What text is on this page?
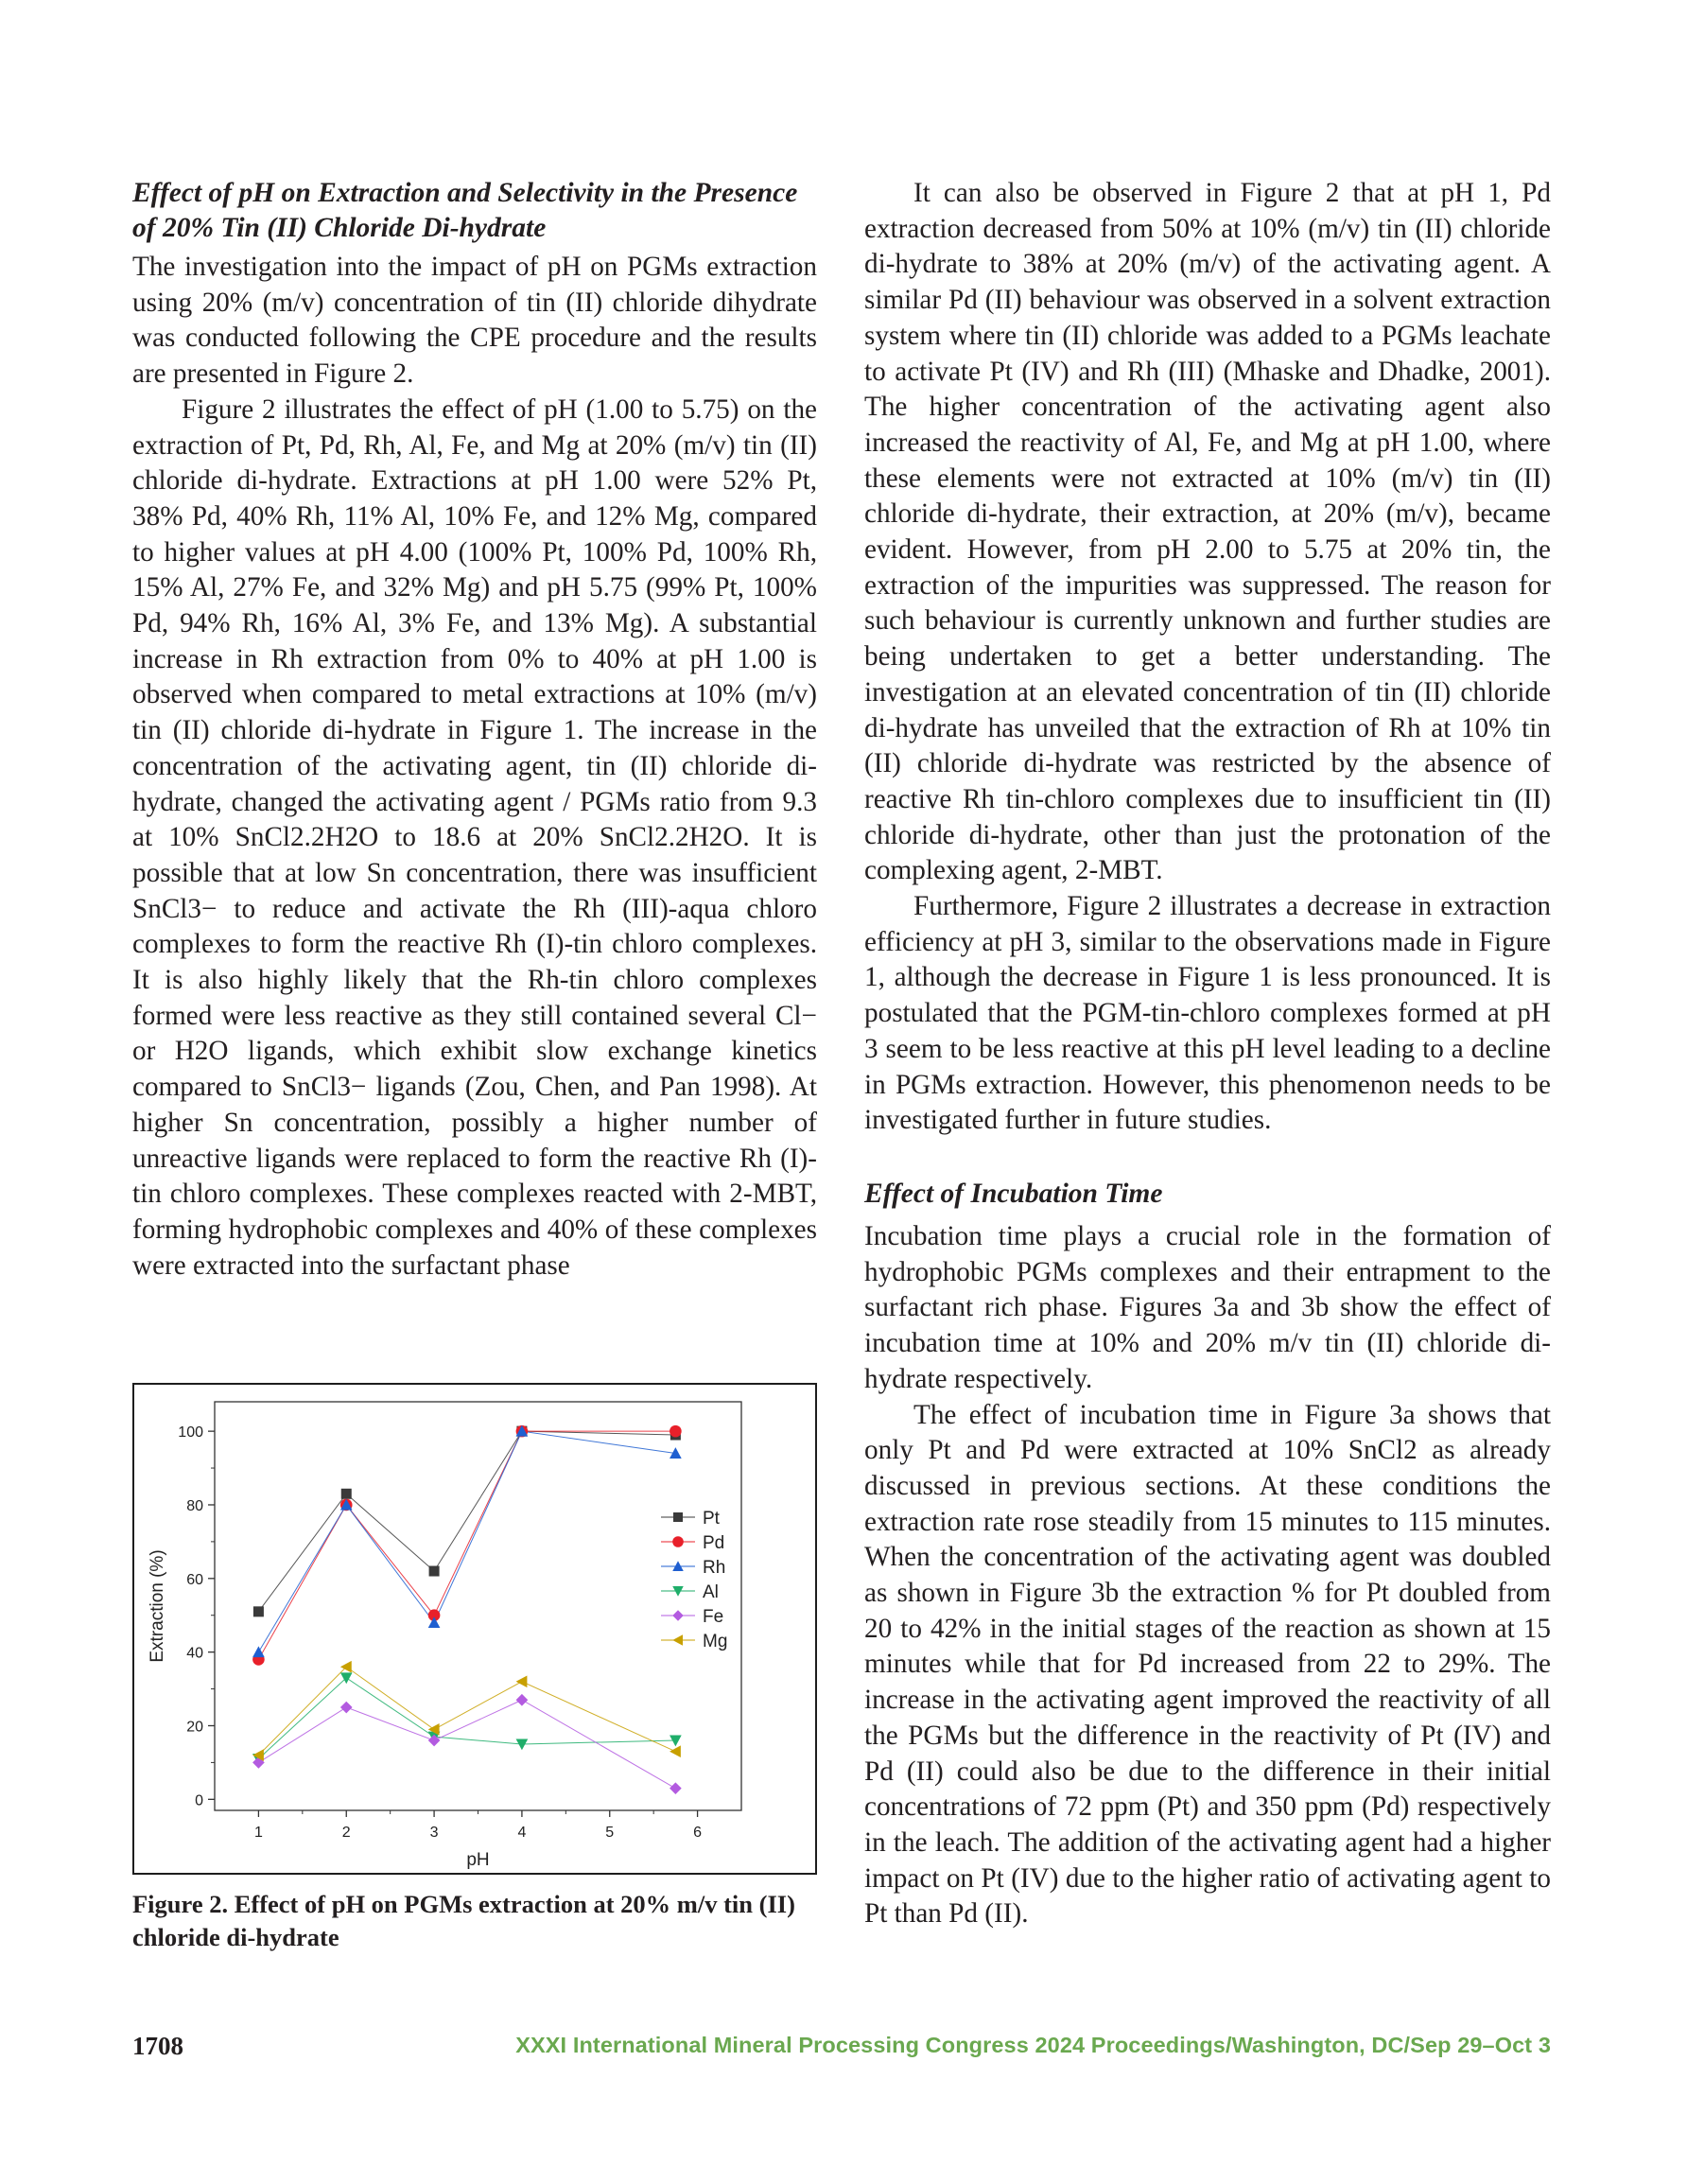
Effect of pH on Extraction and Selectivity in the Presence of 20% Tin (II) Chloride Di-hydrate

The investigation into the impact of pH on PGMs extraction using 20% (m/v) concentration of tin (II) chloride dihydrate was conducted following the CPE procedure and the results are presented in Figure 2.

Figure 2 illustrates the effect of pH (1.00 to 5.75) on the extraction of Pt, Pd, Rh, Al, Fe, and Mg at 20% (m/v) tin (II) chloride di-hydrate. Extractions at pH 1.00 were 52% Pt, 38% Pd, 40% Rh, 11% Al, 10% Fe, and 12% Mg, compared to higher values at pH 4.00 (100% Pt, 100% Pd, 100% Rh, 15% Al, 27% Fe, and 32% Mg) and pH 5.75 (99% Pt, 100% Pd, 94% Rh, 16% Al, 3% Fe, and 13% Mg). A substantial increase in Rh extraction from 0% to 40% at pH 1.00 is observed when compared to metal extractions at 10% (m/v) tin (II) chloride di-hydrate in Figure 1. The increase in the concentration of the activating agent, tin (II) chloride di-hydrate, changed the activating agent / PGMs ratio from 9.3 at 10% SnCl2.2H2O to 18.6 at 20% SnCl2.2H2O. It is possible that at low Sn concentration, there was insufficient SnCl3− to reduce and activate the Rh (III)-aqua chloro complexes to form the reactive Rh (I)-tin chloro complexes. It is also highly likely that the Rh-tin chloro complexes formed were less reactive as they still contained several Cl− or H2O ligands, which exhibit slow exchange kinetics compared to SnCl3− ligands (Zou, Chen, and Pan 1998). At higher Sn concentration, possibly a higher number of unreactive ligands were replaced to form the reactive Rh (I)-tin chloro complexes. These complexes reacted with 2-MBT, forming hydrophobic complexes and 40% of these complexes were extracted into the surfactant phase

1	2	3	4	5	6
0
20
40
60
80
100
pH
Extraction (%)
Pt
Pd
Rh
Al
Fe
Mg
Figure 2. Effect of pH on PGMs extraction at 20% m/v tin (II) chloride di-hydrate

It can also be observed in Figure 2 that at pH 1, Pd extraction decreased from 50% at 10% (m/v) tin (II) chloride di-hydrate to 38% at 20% (m/v) of the activating agent. A similar Pd (II) behaviour was observed in a solvent extraction system where tin (II) chloride was added to a PGMs leachate to activate Pt (IV) and Rh (III) (Mhaske and Dhadke, 2001). The higher concentration of the activating agent also increased the reactivity of Al, Fe, and Mg at pH 1.00, where these elements were not extracted at 10% (m/v) tin (II) chloride di-hydrate, their extraction, at 20% (m/v), became evident. However, from pH 2.00 to 5.75 at 20% tin, the extraction of the impurities was suppressed. The reason for such behaviour is currently unknown and further studies are being undertaken to get a better understanding. The investigation at an elevated concentration of tin (II) chloride di-hydrate has unveiled that the extraction of Rh at 10% tin (II) chloride di-hydrate was restricted by the absence of reactive Rh tin-chloro complexes due to insufficient tin (II) chloride di-hydrate, other than just the protonation of the complexing agent, 2-MBT.

Furthermore, Figure 2 illustrates a decrease in extraction efficiency at pH 3, similar to the observations made in Figure 1, although the decrease in Figure 1 is less pronounced. It is postulated that the PGM-tin-chloro complexes formed at pH 3 seem to be less reactive at this pH level leading to a decline in PGMs extraction. However, this phenomenon needs to be investigated further in future studies.

Effect of Incubation Time

Incubation time plays a crucial role in the formation of hydrophobic PGMs complexes and their entrapment to the surfactant rich phase. Figures 3a and 3b show the effect of incubation time at 10% and 20% m/v tin (II) chloride di-hydrate respectively.

The effect of incubation time in Figure 3a shows that only Pt and Pd were extracted at 10% SnCl2 as already discussed in previous sections. At these conditions the extraction rate rose steadily from 15 minutes to 115 minutes. When the concentration of the activating agent was doubled as shown in Figure 3b the extraction % for Pt doubled from 20 to 42% in the initial stages of the reaction as shown at 15 minutes while that for Pd increased from 22 to 29%. The increase in the activating agent improved the reactivity of all the PGMs but the difference in the reactivity of Pt (IV) and Pd (II) could also be due to the difference in their initial concentrations of 72 ppm (Pt) and 350 ppm (Pd) respectively in the leach. The addition of the activating agent had a higher impact on Pt (IV) due to the higher ratio of activating agent to Pt than Pd (II).

1708	XXXI International Mineral Processing Congress 2024 Proceedings/Washington, DC/Sep 29–Oct 3
